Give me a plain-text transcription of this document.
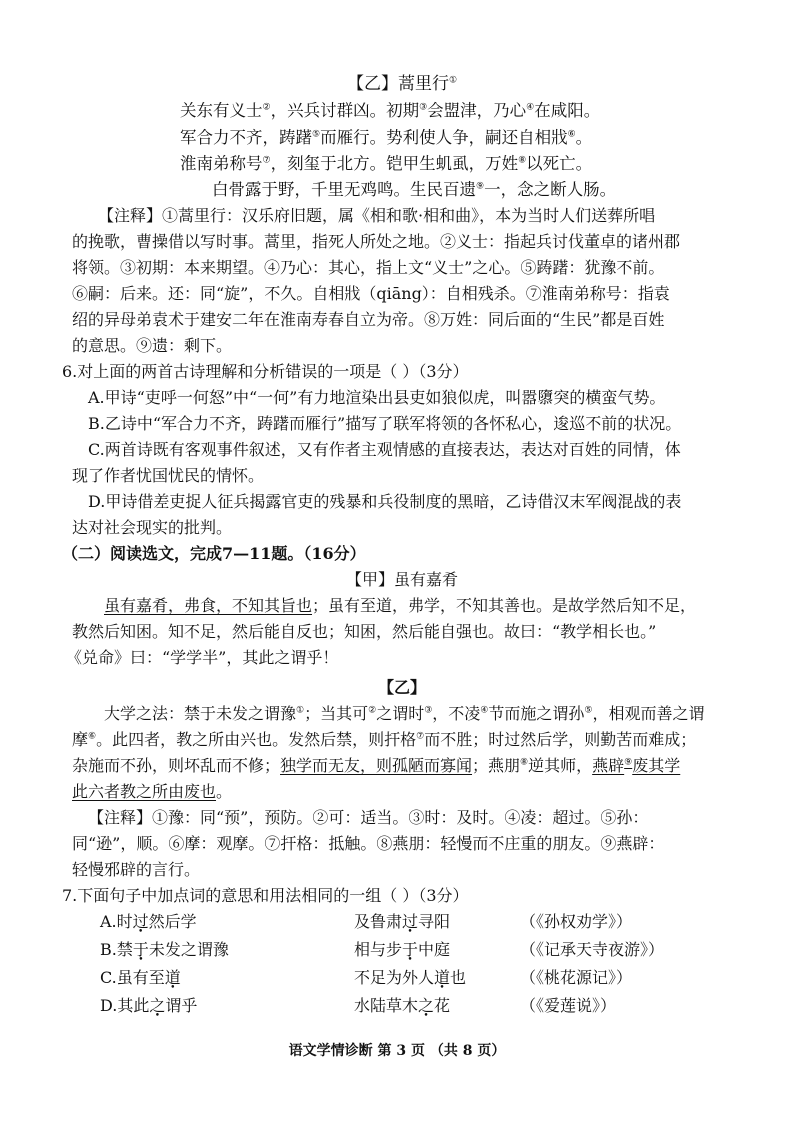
【乙】蒿里行①
关东有义士②，兴兵讨群凶。初期③会盟津，乃心④在咸阳。
军合力不齐，踌躇⑤而雁行。势利使人争，嗣还自相戕⑥。
淮南弟称号⑦，刻玺于北方。铠甲生虮虱，万姓⑧以死亡。
白骨露于野，千里无鸡鸣。生民百遗⑨一，念之断人肠。
【注释】①蒿里行：汉乐府旧题，属《相和歌·相和曲》，本为当时人们送葬所唱
的挽歌，曹操借以写时事。蒿里，指死人所处之地。②义士：指起兵讨伐董卓的诸州郡
将领。③初期：本来期望。④乃心：其心，指上文“义士”之心。⑤踌躇：犹豫不前。
⑥嗣：后来。还：同“旋”，不久。自相戕（qiāng）：自相残杀。⑦淮南弟称号：指袁
绍的异母弟袁术于建安二年在淮南寿春自立为帝。⑧万姓：同后面的“生民”都是百姓
的意思。⑨遗：剩下。
6.对上面的两首古诗理解和分析错误的一项是（ ）（3分）
A.甲诗“吏呼一何怒”中“一何”有力地渲染出县吏如狼似虎，叫嚣隳突的横蛮气势。
B.乙诗中“军合力不齐，踌躇而雁行”描写了联军将领的各怀私心，逡巡不前的状况。
C.两首诗既有客观事件叙述，又有作者主观情感的直接表达，表达对百姓的同情，体
现了作者忧国忧民的情怀。
D.甲诗借差吏捉人征兵揭露官吏的残暴和兵役制度的黑暗，乙诗借汉末军阀混战的表
达对社会现实的批判。
（二）阅读选文，完成7—11题。（16分）
【甲】虽有嘉肴
虽有嘉肴，弗食，不知其旨也；虽有至道，弗学，不知其善也。是故学然后知不足，
教然后知困。知不足，然后能自反也；知困，然后能自强也。故曰：“教学相长也。”
《兑命》曰：“学学半”，其此之谓乎！
【乙】
大学之法：禁于未发之谓豫①；当其可②之谓时③，不凌④节而施之谓孙⑤，相观而善之谓
摩⑥。此四者，教之所由兴也。发然后禁，则扞格⑦而不胜；时过然后学，则勤苦而难成；
杂施而不孙，则坏乱而不修；独学而无友，则孤陋而寡闻；燕朋⑧逆其师，燕辟⑨废其学
此六者教之所由废也。
【注释】①豫：同“预”，预防。②可：适当。③时：及时。④凌：超过。⑤孙：
同“逊”，顺。⑥摩：观摩。⑦扞格：抵触。⑧燕朋：轻慢而不庄重的朋友。⑨燕辟：
轻慢邪辟的言行。
7.下面句子中加点词的意思和用法相同的一组（ ）（3分）
A.时过然后学	及鲁肃过寻阳	（《孙权劝学》）
B.禁于未发之谓豫	相与步于中庭	（《记承天寺夜游》）
C.虽有至道	不足为外人道也	（《桃花源记》）
D.其此之谓乎	水陆草木之花	（《爱莲说》）
语文学情诊断 第 3 页 （共 8 页）
